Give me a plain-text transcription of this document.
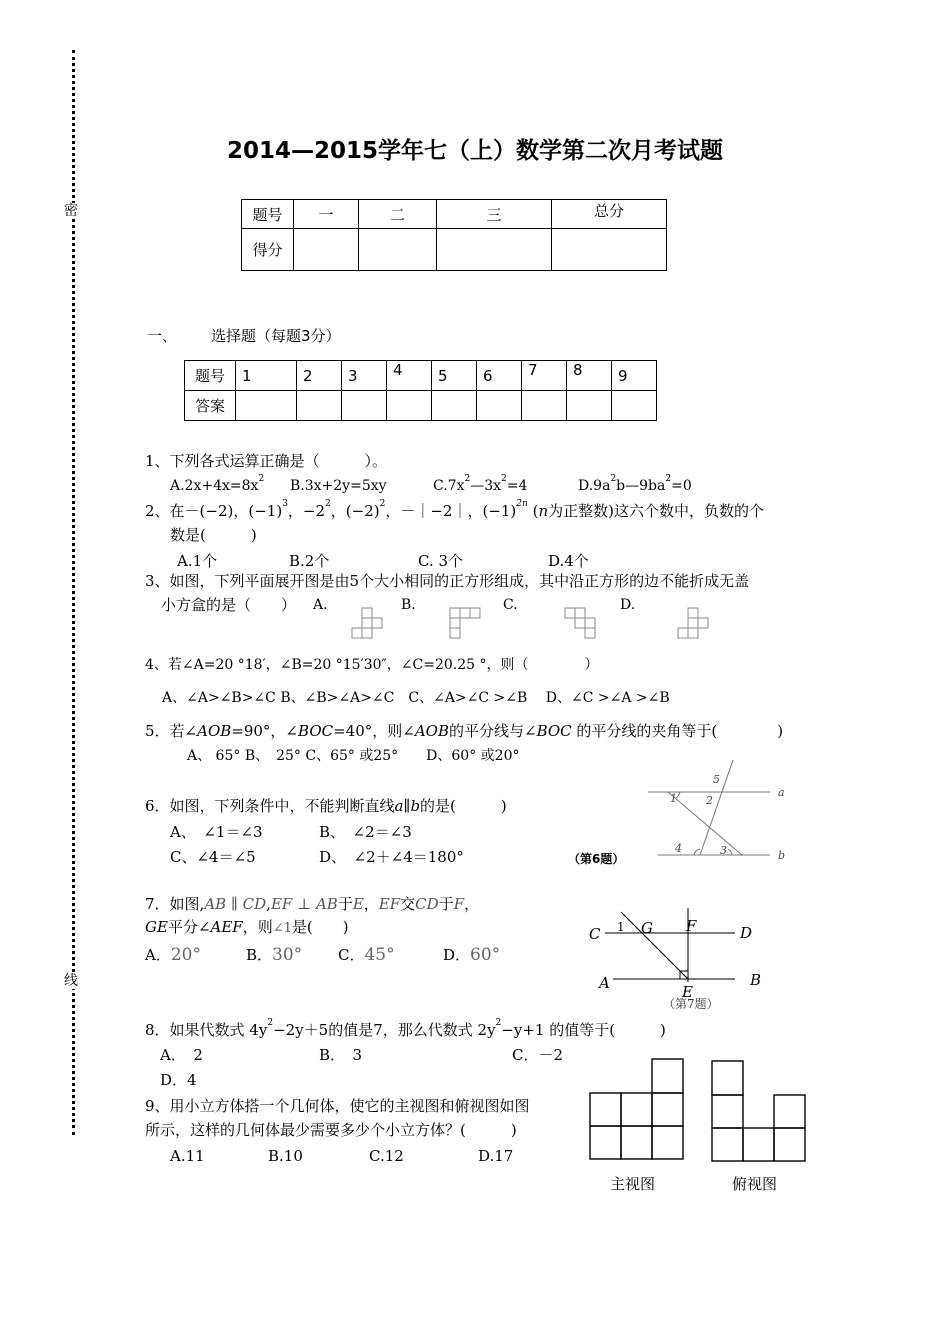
密
线
2014—2015学年七（上）数学第二次月考试题
题号	一	二	三	总分
得分				
一、 选择题（每题3分）
题号	1	2	3	4	5	6	7	8	9
答案									
1、下列各式运算正确是（　　　）。
$A.2x+4x=8x^2$ B.3x+2y=5xy	$C.7x^2—3x^2=4$	$D.9a^2b—9ba^2=0$
2、在－(−2)，$(-1)^3$，$-2^2$，$(-2)^2$，－｜−2｜，$(-1)^{2n}$ (n为正整数)这六个数中，负数的个
数是(　　　)
A.1个	B.2个	C. 3个	D.4个
3、如图，下列平面展开图是由5个大小相同的正方形组成，其中沿正方形的边不能折成无盖
小方盒的是（　　） A.	B.	C.	D.
4、若∠A=20 °18′，∠B=20 °15′30″，∠C=20.25 °，则（　　　　）
A、∠A>∠B>∠C B、∠B>∠A>∠C　C、∠A>∠C >∠B　 D、∠C >∠A >∠B
5．若∠AOB=90°，∠BOC=40°，则∠AOB的平分线与∠BOC 的平分线的夹角等于(　　　　)
A、 65° B、　25° C、65° 或25°　　D、60° 或20°
6．如图，下列条件中，不能判断直线a∥b的是(　　　)
A、　∠1＝∠3	B、　∠2＝∠3
C、∠4＝∠5	D、　∠2＋∠4＝180°	（第6题）
5
1	2
4	3
a
b
7．如图,AB ∥ CD,EF ⊥ AB于E，EF交CD于F，
GE平分∠AEF，则∠1是(　　)
A．20°	B．30° C．45°	D．60°
C 1 G F	D
A	B
E
（第7题）
8．如果代数式 $4y^2-2y+5$的值是7，那么代数式 $2y^2-y+1$ 的值等于(　　　)
A．　2	B．　3	C．－2
D．4
9、用小立方体搭一个几何体，使它的主视图和俯视图如图
所示，这样的几何体最少需要多少个小立方体？(　　　)
A.11	B.10	C.12	D.17
主视图	俯视图
